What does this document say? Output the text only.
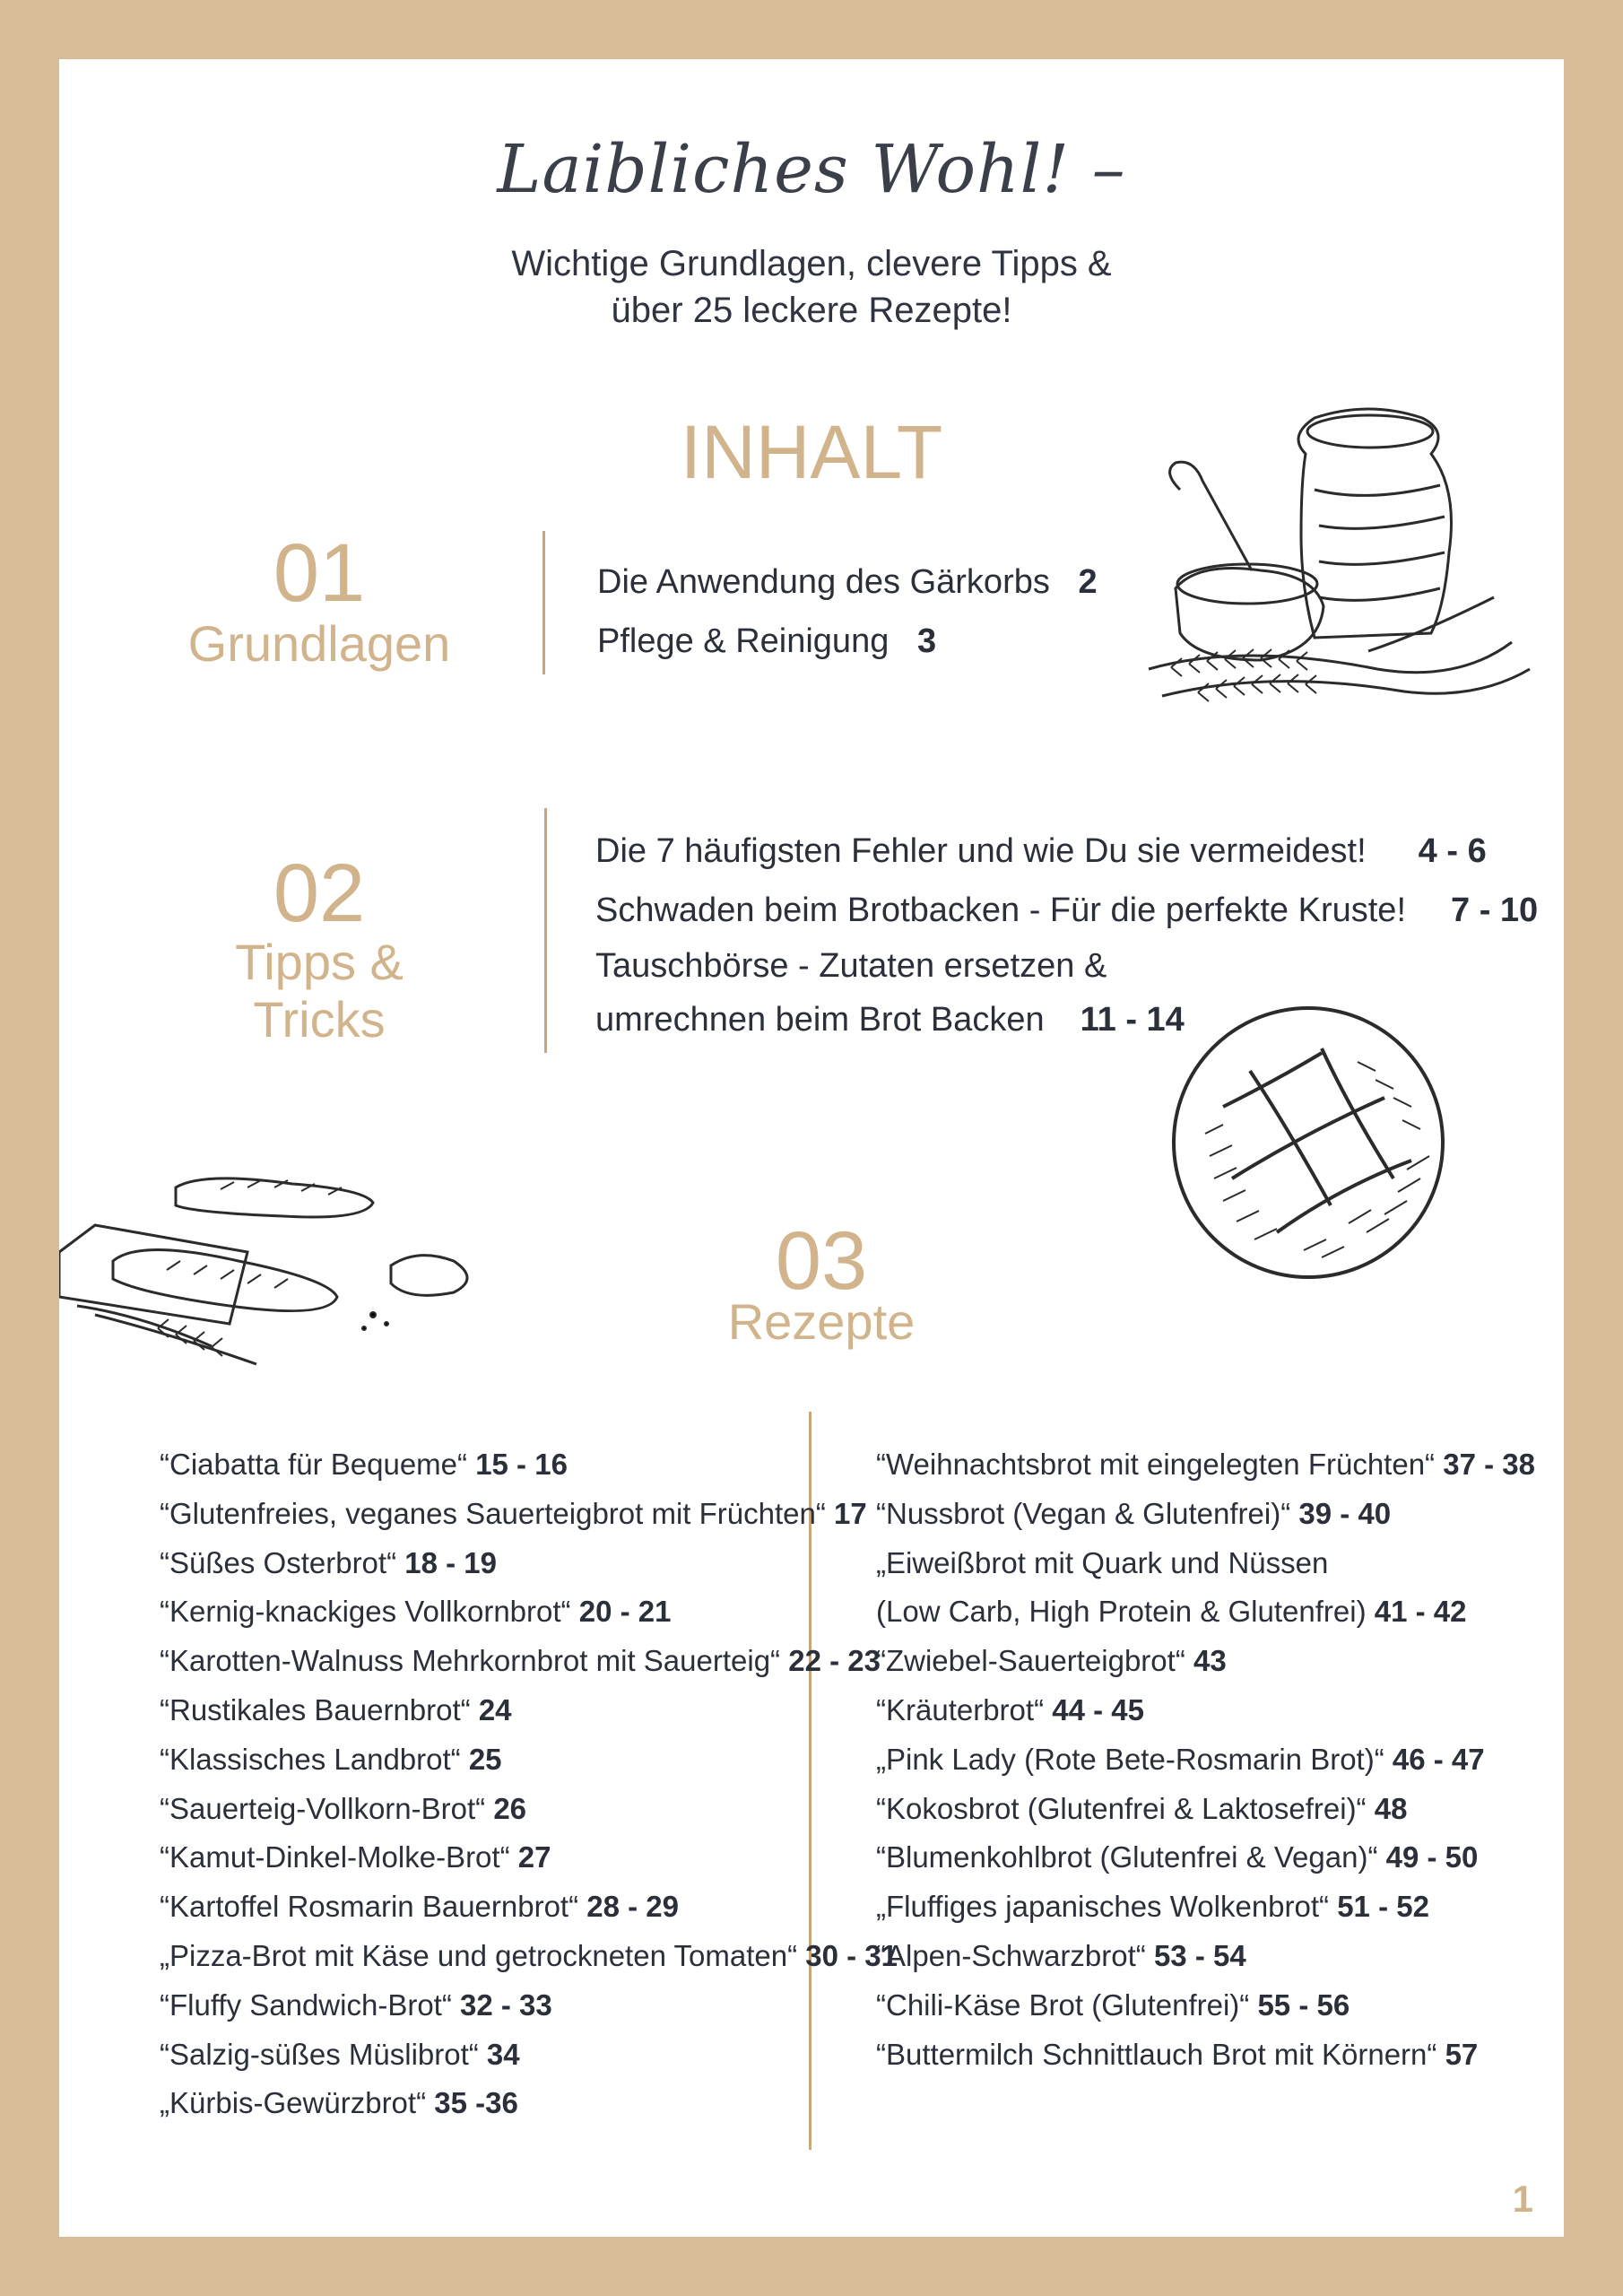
Laibliches Wohl! –
Wichtige Grundlagen, clevere Tipps &
über 25 leckere Rezepte!
INHALT
01
Grundlagen
Die Anwendung des Gärkorbs 2
Pflege & Reinigung 3
02
Tipps & Tricks
Die 7 häufigsten Fehler und wie Du sie vermeidest! 4 - 6
Schwaden beim Brotbacken - Für die perfekte Kruste! 7 - 10
Tauschbörse - Zutaten ersetzen &
umrechnen beim Brot Backen 11 - 14
03
Rezepte
“Ciabatta für Bequeme“ 15 - 16
“Glutenfreies, veganes Sauerteigbrot mit Früchten“ 17
“Süßes Osterbrot“ 18 - 19
“Kernig-knackiges Vollkornbrot“ 20 - 21
“Karotten-Walnuss Mehrkornbrot mit Sauerteig“ 22 - 23
“Rustikales Bauernbrot“ 24
“Klassisches Landbrot“ 25
“Sauerteig-Vollkorn-Brot“ 26
“Kamut-Dinkel-Molke-Brot“ 27
“Kartoffel Rosmarin Bauernbrot“ 28 - 29
„Pizza-Brot mit Käse und getrockneten Tomaten“ 30 - 31
“Fluffy Sandwich-Brot“ 32 - 33
“Salzig-süßes Müslibrot“ 34
„Kürbis-Gewürzbrot“ 35 -36
“Weihnachtsbrot mit eingelegten Früchten“ 37 - 38
“Nussbrot (Vegan & Glutenfrei)“ 39 - 40
„Eiweißbrot mit Quark und Nüssen
(Low Carb, High Protein & Glutenfrei) 41 - 42
“Zwiebel-Sauerteigbrot“ 43
“Kräuterbrot“ 44 - 45
„Pink Lady (Rote Bete-Rosmarin Brot)“ 46 - 47
“Kokosbrot (Glutenfrei & Laktosefrei)“ 48
“Blumenkohlbrot (Glutenfrei & Vegan)“ 49 - 50
„Fluffiges japanisches Wolkenbrot“ 51 - 52
“Alpen-Schwarzbrot“ 53 - 54
“Chili-Käse Brot (Glutenfrei)“ 55 - 56
“Buttermilch Schnittlauch Brot mit Körnern“ 57
1
